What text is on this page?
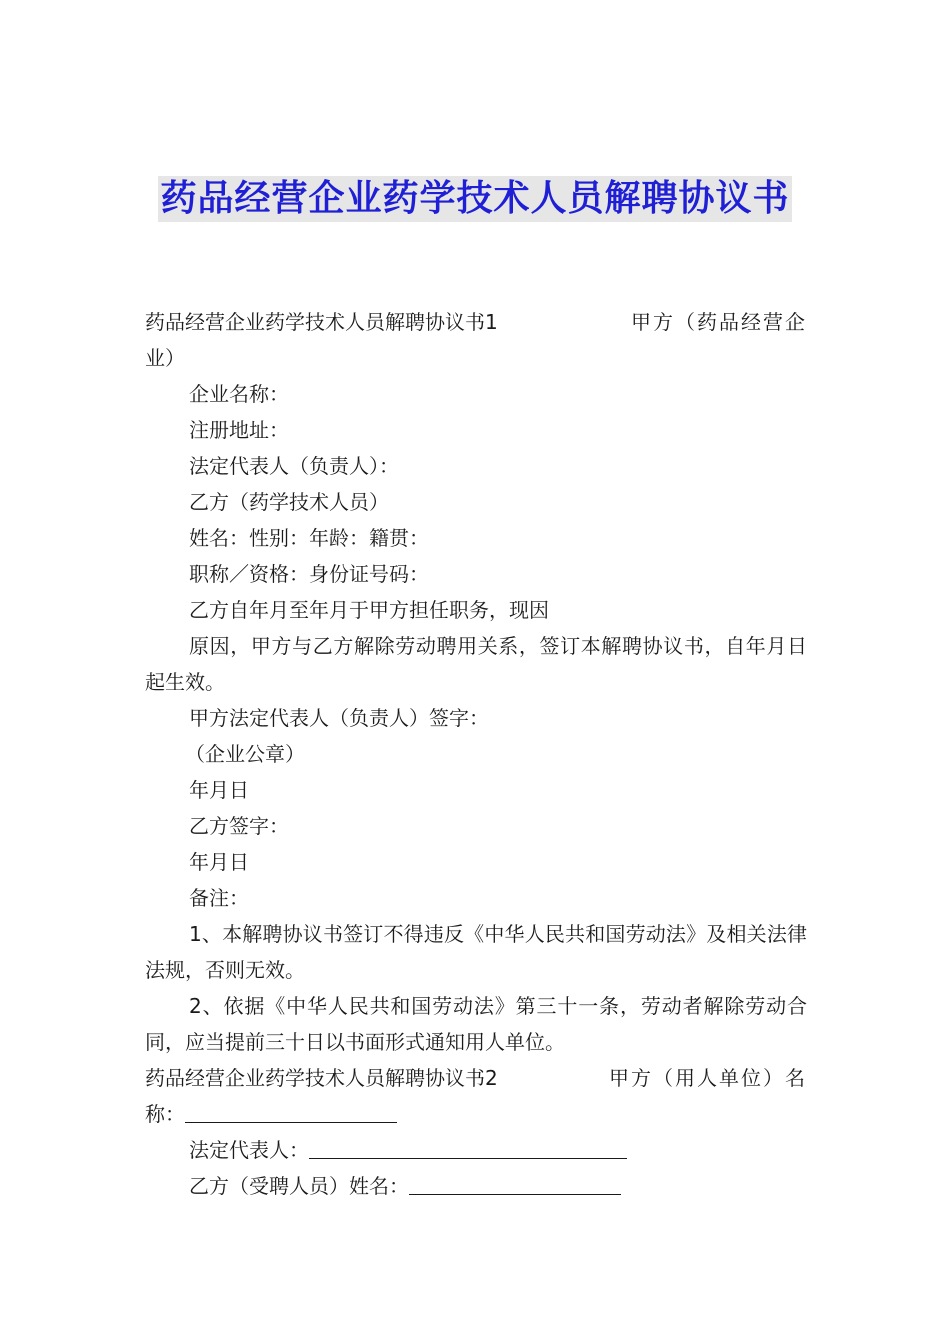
药品经营企业药学技术人员解聘协议书
药品经营企业药学技术人员解聘协议书1	甲方（药品经营企
业）
企业名称：
注册地址：
法定代表人（负责人）：
乙方（药学技术人员）
姓名：性别：年龄：籍贯：
职称／资格：身份证号码：
乙方自年月至年月于甲方担任职务，现因
原因，甲方与乙方解除劳动聘用关系，签订本解聘协议书，自年月日起生效。
甲方法定代表人（负责人）签字：
（企业公章）
年月日
乙方签字：
年月日
备注：
1、本解聘协议书签订不得违反《中华人民共和国劳动法》及相关法律法规，否则无效。
2、依据《中华人民共和国劳动法》第三十一条，劳动者解除劳动合同，应当提前三十日以书面形式通知用人单位。
药品经营企业药学技术人员解聘协议书2	甲方（用人单位）名
称：
法定代表人：
乙方（受聘人员）姓名：
